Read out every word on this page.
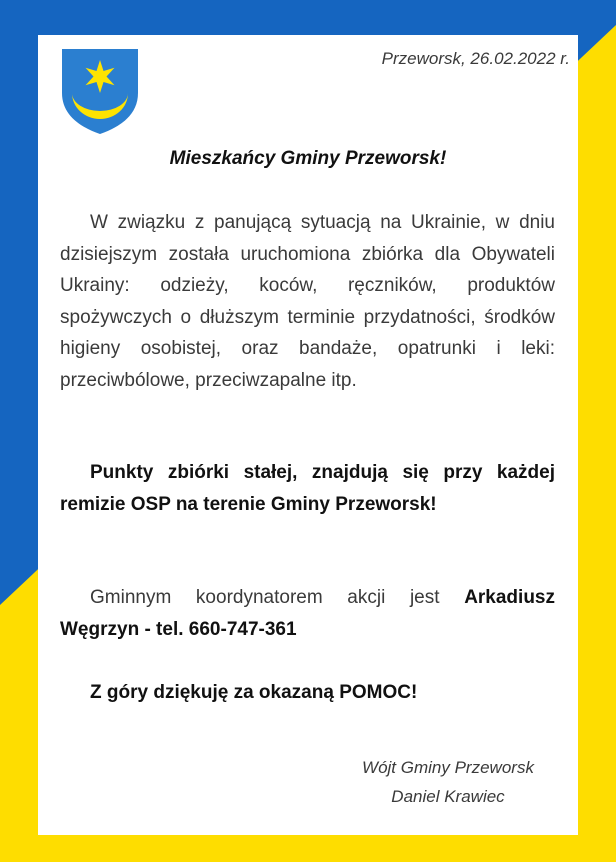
Przeworsk, 26.02.2022 r.
Mieszkańcy Gminy Przeworsk!
W związku z panującą sytuacją na Ukrainie, w dniu dzisiejszym została uruchomiona zbiórka dla Obywateli Ukrainy: odzieży, koców, ręczników, produktów spożywczych o dłuższym terminie przydatności, środków higieny osobistej, oraz bandaże, opatrunki i leki: przeciwbólowe, przeciwzapalne itp.
Punkty zbiórki stałej, znajdują się przy każdej remizie OSP na terenie Gminy Przeworsk!
Gminnym koordynatorem akcji jest Arkadiusz Węgrzyn - tel. 660-747-361
Z góry dziękuję za okazaną POMOC!
Wójt Gminy Przeworsk
Daniel Krawiec
